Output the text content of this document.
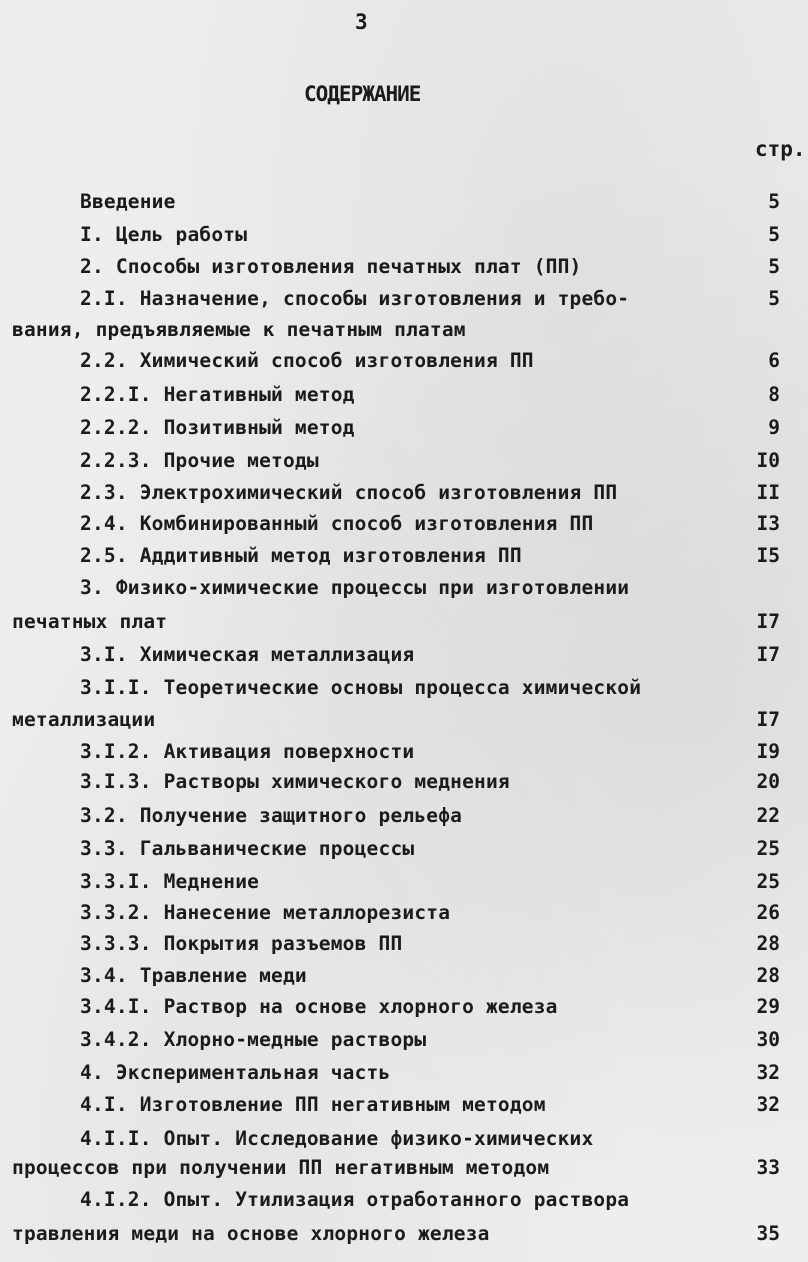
3
СОДЕРЖАНИЕ
стр.
Введение	5
I. Цель работы	5
2. Способы изготовления печатных плат (ПП)	5
2.I. Назначение, способы изготовления и требо-	5
вания, предъявляемые к печатным платам
2.2. Химический способ изготовления ПП	6
2.2.I. Негативный метод	8
2.2.2. Позитивный метод	9
2.2.3. Прочие методы	I0
2.3. Электрохимический способ изготовления ПП	II
2.4. Комбинированный способ изготовления ПП	I3
2.5. Аддитивный метод изготовления ПП	I5
3. Физико-химические процессы при изготовлении
печатных плат	I7
3.I. Химическая металлизация	I7
3.I.I. Теоретические основы процесса химической
металлизации	I7
3.I.2. Активация поверхности	I9
3.I.3. Растворы химического меднения	20
3.2. Получение защитного рельефа	22
3.3. Гальванические процессы	25
3.3.I. Меднение	25
3.3.2. Нанесение металлорезиста	26
3.3.3. Покрытия разъемов ПП	28
3.4. Травление меди	28
3.4.I. Раствор на основе хлорного железа	29
3.4.2. Хлорно-медные растворы	30
4. Экспериментальная часть	32
4.I. Изготовление ПП негативным методом	32
4.I.I. Опыт. Исследование физико-химических
процессов при получении ПП негативным методом	33
4.I.2. Опыт. Утилизация отработанного раствора
травления меди на основе хлорного железа	35
